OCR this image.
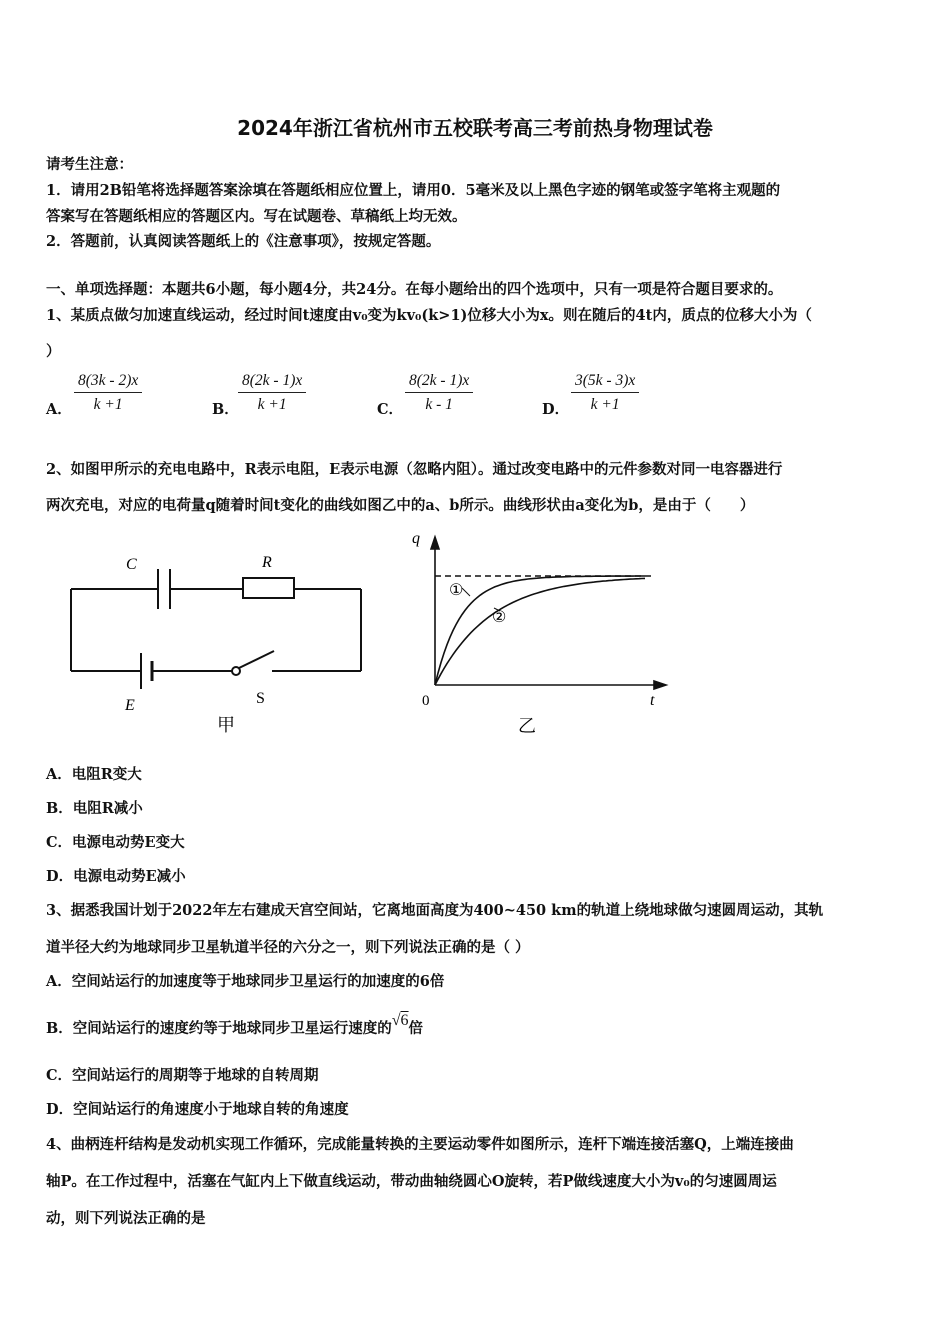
2024年浙江省杭州市五校联考高三考前热身物理试卷
请考生注意：
1．请用2B铅笔将选择题答案涂填在答题纸相应位置上，请用0．5毫米及以上黑色字迹的钢笔或签字笔将主观题的
答案写在答题纸相应的答题区内。写在试题卷、草稿纸上均无效。
2．答题前，认真阅读答题纸上的《注意事项》，按规定答题。
一、单项选择题：本题共6小题，每小题4分，共24分。在每小题给出的四个选项中，只有一项是符合题目要求的。
1、某质点做匀加速直线运动，经过时间t速度由v₀变为kv₀(k>1)位移大小为x。则在随后的4t内，质点的位移大小为（
）
A． $\frac{8(3k - 2)x}{k +1}$	B． $\frac{8(2k - 1)x}{k +1}$	C． $\frac{8(2k - 1)x}{k - 1}$	D． $\frac{3(5k - 3)x}{k +1}$
2、如图甲所示的充电电路中，R表示电阻，E表示电源（忽略内阻）。通过改变电路中的元件参数对同一电容器进行
两次充电，对应的电荷量q随着时间t变化的曲线如图乙中的a、b所示。曲线形状由a变化为b，是由于（　　）
C	R
E	S
甲
q
t
0
①
②
乙
A．电阻R变大
B．电阻R减小
C．电源电动势E变大
D．电源电动势E减小
3、据悉我国计划于2022年左右建成天宫空间站，它离地面高度为400~450 km的轨道上绕地球做匀速圆周运动，其轨
道半径大约为地球同步卫星轨道半径的六分之一，则下列说法正确的是（ ）
A．空间站运行的加速度等于地球同步卫星运行的加速度的6倍
B．空间站运行的速度约等于地球同步卫星运行速度的√6倍
C．空间站运行的周期等于地球的自转周期
D．空间站运行的角速度小于地球自转的角速度
4、曲柄连杆结构是发动机实现工作循环，完成能量转换的主要运动零件如图所示，连杆下端连接活塞Q，上端连接曲
轴P。在工作过程中，活塞在气缸内上下做直线运动，带动曲轴绕圆心O旋转，若P做线速度大小为v₀的匀速圆周运
动，则下列说法正确的是
